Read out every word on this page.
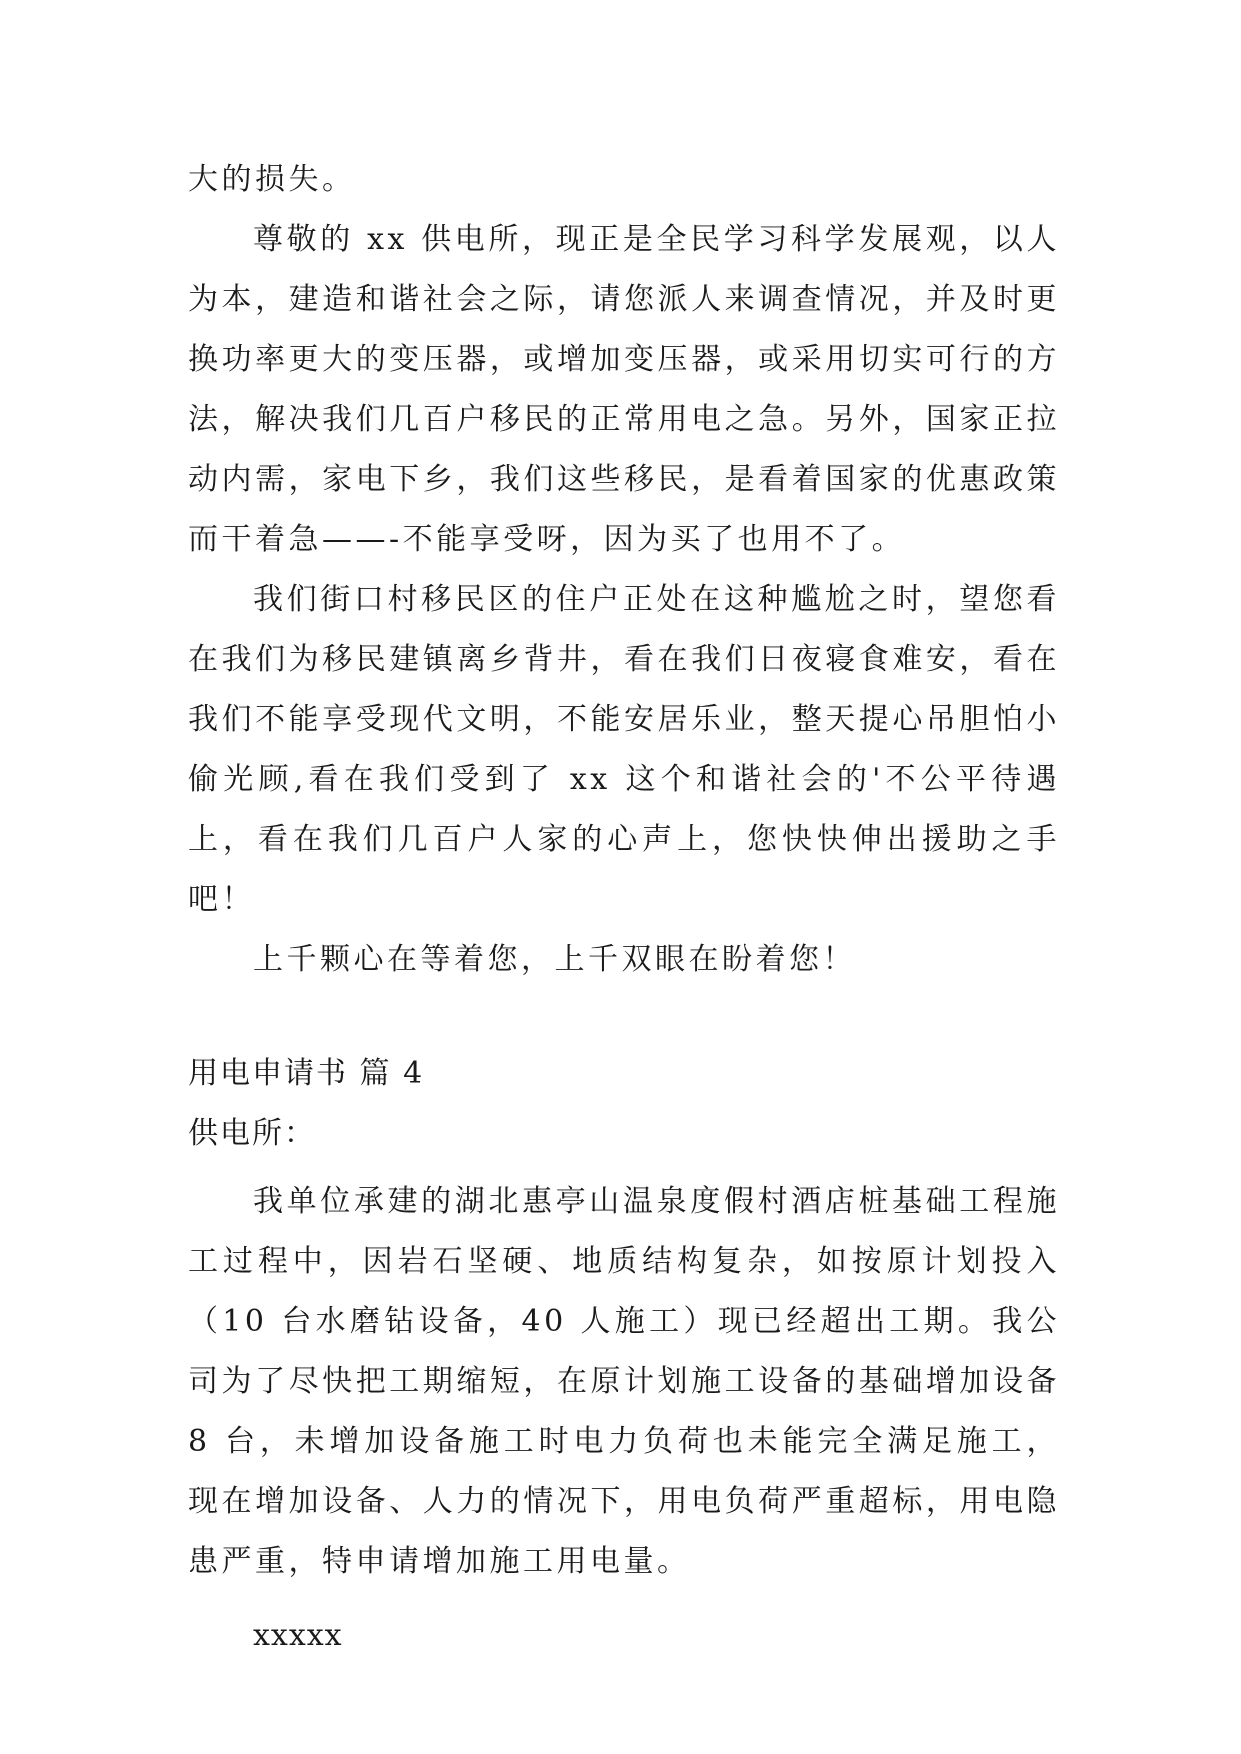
大的损失。

尊敬的 xx 供电所，现正是全民学习科学发展观，以人为本，建造和谐社会之际，请您派人来调查情况，并及时更换功率更大的变压器，或增加变压器，或采用切实可行的方法，解决我们几百户移民的正常用电之急。另外，国家正拉动内需，家电下乡，我们这些移民，是看着国家的优惠政策而干着急——-不能享受呀，因为买了也用不了。

我们街口村移民区的住户正处在这种尴尬之时，望您看在我们为移民建镇离乡背井，看在我们日夜寝食难安，看在我们不能享受现代文明，不能安居乐业，整天提心吊胆怕小偷光顾,看在我们受到了 xx 这个和谐社会的'不公平待遇上，看在我们几百户人家的心声上，您快快伸出援助之手吧！

上千颗心在等着您，上千双眼在盼着您！

用电申请书 篇 4

供电所：

我单位承建的湖北惠亭山温泉度假村酒店桩基础工程施工过程中，因岩石坚硬、地质结构复杂，如按原计划投入（10 台水磨钻设备，40 人施工）现已经超出工期。我公司为了尽快把工期缩短，在原计划施工设备的基础增加设备 8 台，未增加设备施工时电力负荷也未能完全满足施工，现在增加设备、人力的情况下，用电负荷严重超标，用电隐患严重，特申请增加施工用电量。

xxxxx
